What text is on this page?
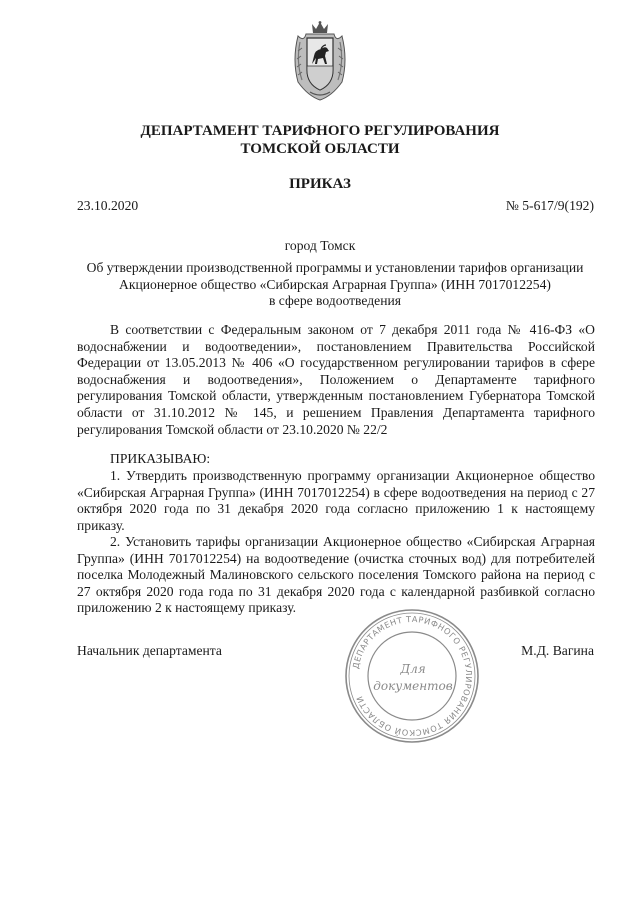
ДЕПАРТАМЕНТ ТАРИФНОГО РЕГУЛИРОВАНИЯ
ТОМСКОЙ ОБЛАСТИ
ПРИКАЗ
23.10.2020	№ 5-617/9(192)
город Томск
Об утверждении производственной программы и установлении тарифов организации
Акционерное общество «Сибирская Аграрная Группа» (ИНН 7017012254)
в сфере водоотведения

В соответствии с Федеральным законом от 7 декабря 2011 года № 416-ФЗ «О водоснабжении и водоотведении», постановлением Правительства Российской Федерации от 13.05.2013 № 406 «О государственном регулировании тарифов в сфере водоснабжения и водоотведения», Положением о Департаменте тарифного регулирования Томской области, утвержденным постановлением Губернатора Томской области от 31.10.2012 № 145, и решением Правления Департамента тарифного регулирования Томской области от 23.10.2020 № 22/2

ПРИКАЗЫВАЮ:

1. Утвердить производственную программу организации Акционерное общество «Сибирская Аграрная Группа» (ИНН 7017012254) в сфере водоотведения на период с 27 октября 2020 года по 31 декабря 2020 года согласно приложению 1 к настоящему приказу.

2. Установить тарифы организации Акционерное общество «Сибирская Аграрная Группа» (ИНН 7017012254) на водоотведение (очистка сточных вод) для потребителей поселка Молодежный Малиновского сельского поселения Томского района на период с 27 октября 2020 года года по 31 декабря 2020 года с календарной разбивкой согласно приложению 2 к настоящему приказу.

Начальник департамента	М.Д. Вагина
ДЕПАРТАМЕНТ ТАРИФНОГО РЕГУЛИРОВАНИЯ ТОМСКОЙ ОБЛАСТИ
Для
документов
